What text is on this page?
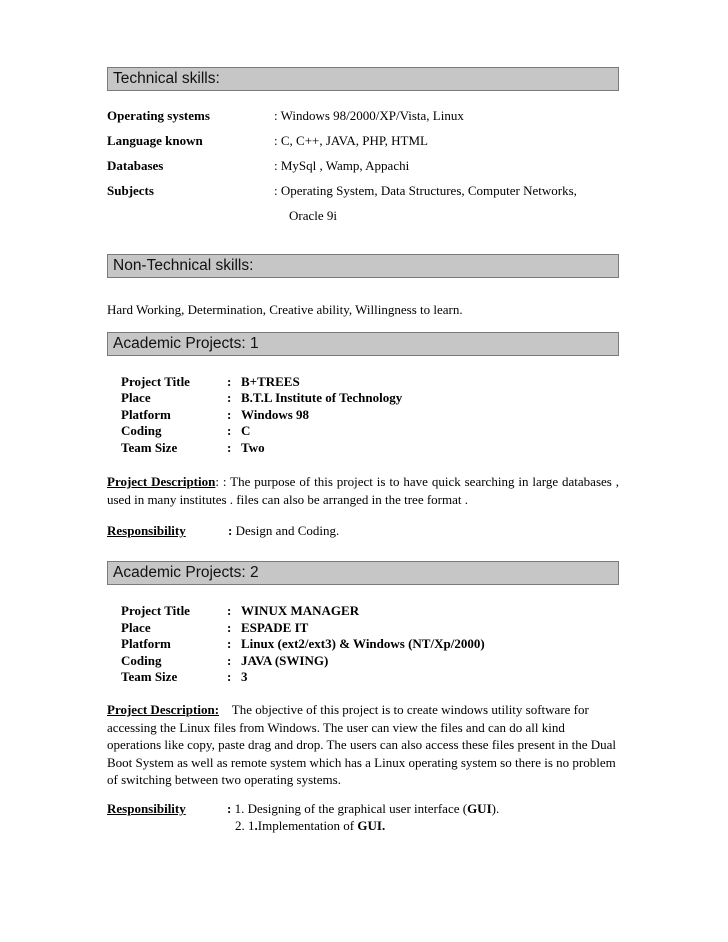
Technical skills:
Operating systems	: Windows 98/2000/XP/Vista, Linux
Language known	: C, C++, JAVA, PHP, HTML
Databases	: MySql , Wamp, Appachi
Subjects	: Operating System, Data Structures, Computer Networks,
Oracle 9i
Non-Technical skills:
Hard Working, Determination, Creative ability, Willingness to learn.
Academic Projects: 1
Project Title	: B+TREES
Place	: B.T.L Institute of Technology
Platform	: Windows 98
Coding	: C
Team Size	: Two
Project Description: : The purpose of this project is to have quick searching in large databases , used in many institutes . files can also be arranged in the tree format .
Responsibility	: Design and Coding.
Academic Projects: 2
Project Title	: WINUX MANAGER
Place	: ESPADE IT
Platform	: Linux (ext2/ext3) & Windows (NT/Xp/2000)
Coding	: JAVA (SWING)
Team Size	: 3
Project Description: The objective of this project is to create windows utility software for accessing the Linux files from Windows. The user can view the files and can do all kind operations like copy, paste drag and drop. The users can also access these files present in the Dual Boot System as well as remote system which has a Linux operating system so there is no problem of switching between two operating systems.
Responsibility	: 1. Designing of the graphical user interface (GUI).
2. 1.Implementation of GUI.
